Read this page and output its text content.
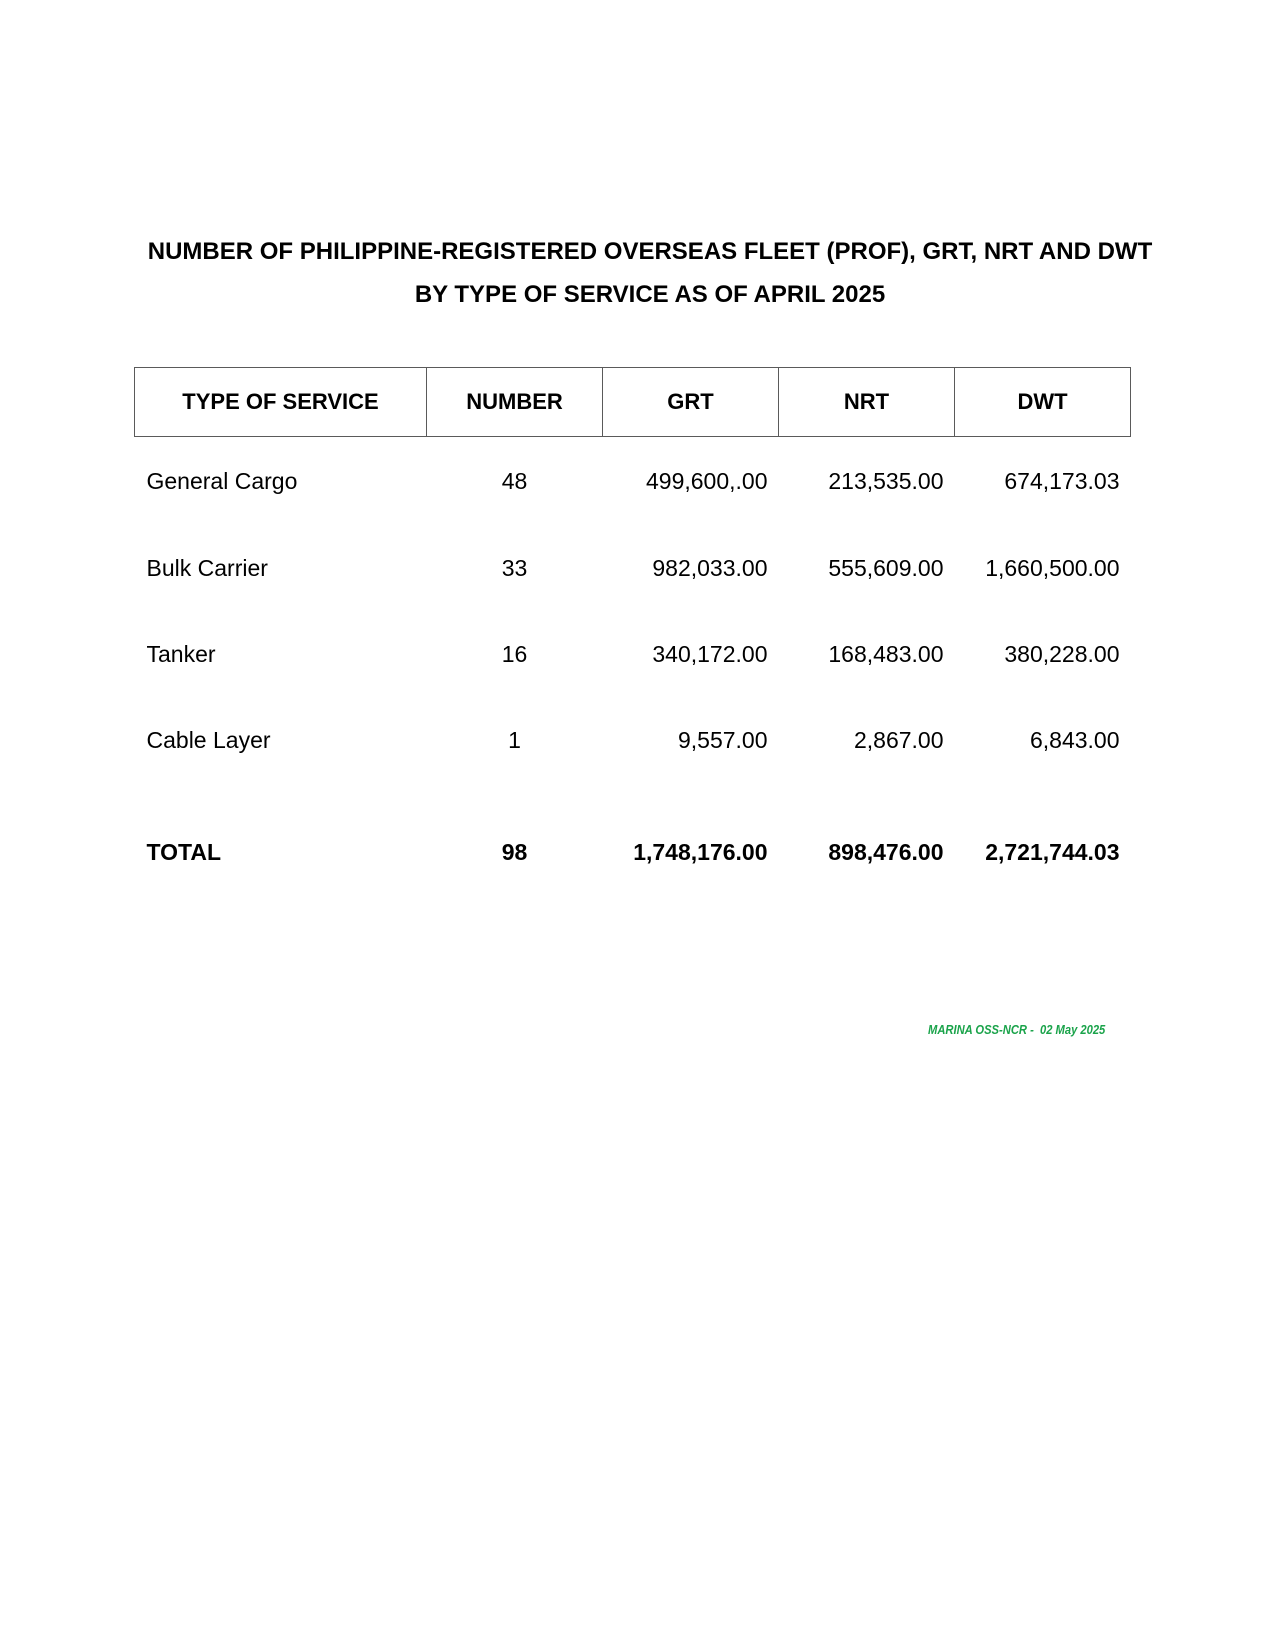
NUMBER OF PHILIPPINE-REGISTERED OVERSEAS FLEET (PROF), GRT, NRT AND DWT
BY TYPE OF SERVICE AS OF APRIL 2025
TYPE OF SERVICE	NUMBER	GRT	NRT	DWT
General Cargo	48	499,600,.00	213,535.00	674,173.03
Bulk Carrier	33	982,033.00	555,609.00	1,660,500.00
Tanker	16	340,172.00	168,483.00	380,228.00
Cable Layer	1	9,557.00	2,867.00	6,843.00

TOTAL	98	1,748,176.00	898,476.00	2,721,744.03
MARINA OSS-NCR -  02 May 2025
